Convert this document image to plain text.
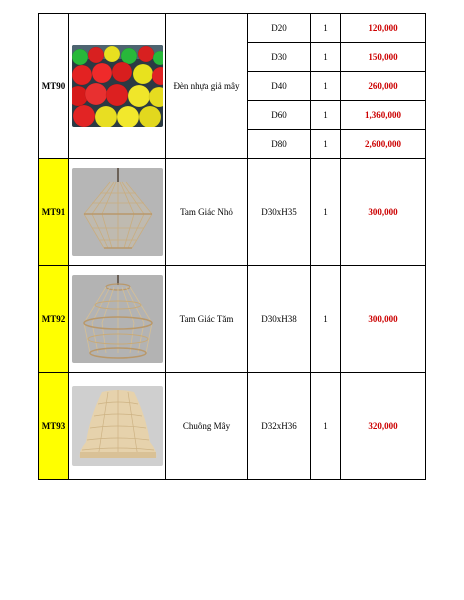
MT90		Đèn nhựa giả mây	D20	1	120,000
			D30	1	150,000
			D40	1	260,000
			D60	1	1,360,000
			D80	1	2,600,000
MT91		Tam Giác Nhỏ	D30xH35	1	300,000
MT92		Tam Giác Tăm	D30xH38	1	300,000
MT93		Chuông Mây	D32xH36	1	320,000
